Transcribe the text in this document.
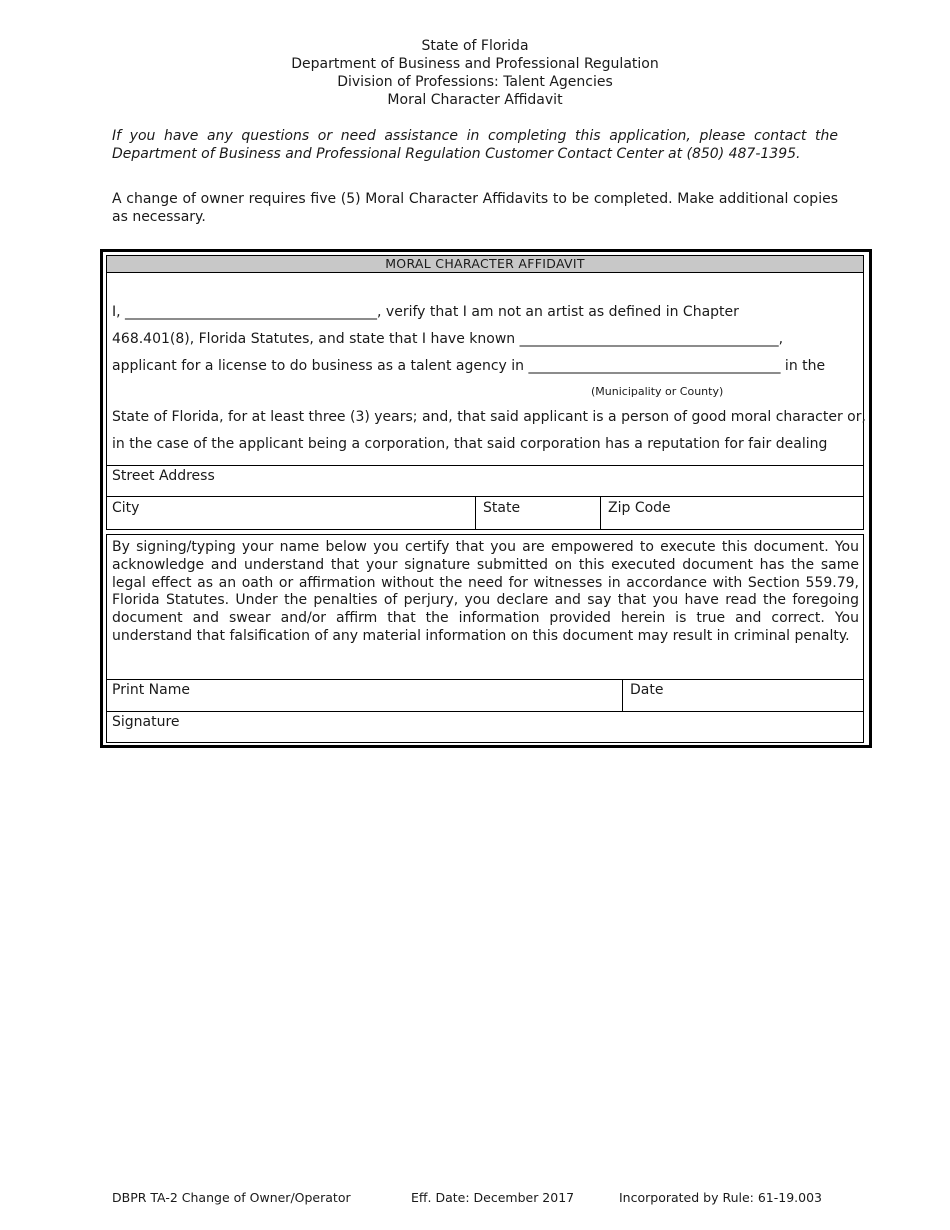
State of Florida
Department of Business and Professional Regulation
Division of Professions: Talent Agencies
Moral Character Affidavit
If you have any questions or need assistance in completing this application, please contact the Department of Business and Professional Regulation Customer Contact Center at (850) 487-1395.
A change of owner requires five (5) Moral Character Affidavits to be completed. Make additional copies as necessary.
MORAL CHARACTER AFFIDAVIT
I, ____________________________________, verify that I am not an artist as defined in Chapter
468.401(8), Florida Statutes, and state that I have known _____________________________________,
applicant for a license to do business as a talent agency in ____________________________________ in the
(Municipality or County)
State of Florida, for at least three (3) years; and, that said applicant is a person of good moral character or,
in the case of the applicant being a corporation, that said corporation has a reputation for fair dealing
Street Address
City	State	Zip Code
By signing/typing your name below you certify that you are empowered to execute this document. You acknowledge and understand that your signature submitted on this executed document has the same legal effect as an oath or affirmation without the need for witnesses in accordance with Section 559.79, Florida Statutes. Under the penalties of perjury, you declare and say that you have read the foregoing document and swear and/or affirm that the information provided herein is true and correct. You understand that falsification of any material information on this document may result in criminal penalty.
Print Name	Date
Signature
DBPR TA-2 Change of Owner/Operator	Eff. Date: December 2017	Incorporated by Rule: 61-19.003
